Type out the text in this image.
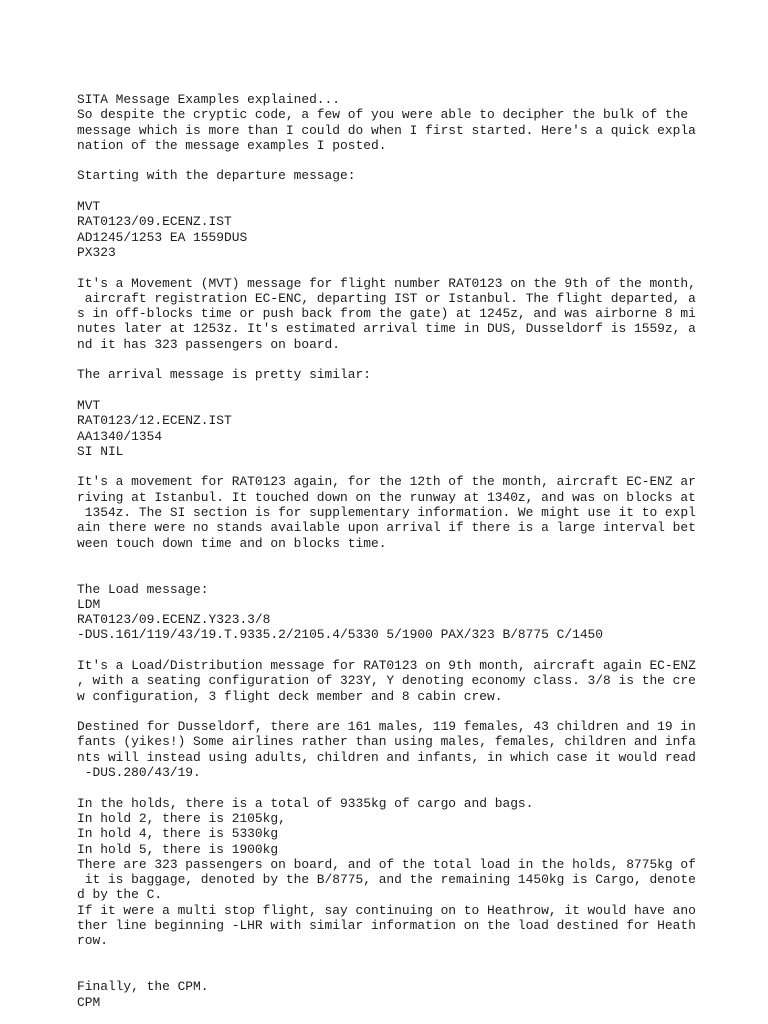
SITA Message Examples explained...
So despite the cryptic code, a few of you were able to decipher the bulk of the
message which is more than I could do when I first started. Here's a quick expla
nation of the message examples I posted.
Starting with the departure message:
MVT
RAT0123/09.ECENZ.IST
AD1245/1253 EA 1559DUS
PX323
It's a Movement (MVT) message for flight number RAT0123 on the 9th of the month,
aircraft registration EC-ENC, departing IST or Istanbul. The flight departed, a
s in off-blocks time or push back from the gate) at 1245z, and was airborne 8 mi
nutes later at 1253z. It's estimated arrival time in DUS, Dusseldorf is 1559z, a
nd it has 323 passengers on board.
The arrival message is pretty similar:
MVT
RAT0123/12.ECENZ.IST
AA1340/1354
SI NIL
It's a movement for RAT0123 again, for the 12th of the month, aircraft EC-ENZ ar
riving at Istanbul. It touched down on the runway at 1340z, and was on blocks at
1354z. The SI section is for supplementary information. We might use it to expl
ain there were no stands available upon arrival if there is a large interval bet
ween touch down time and on blocks time.
The Load message:
LDM
RAT0123/09.ECENZ.Y323.3/8
-DUS.161/119/43/19.T.9335.2/2105.4/5330 5/1900 PAX/323 B/8775 C/1450
It's a Load/Distribution message for RAT0123 on 9th month, aircraft again EC-ENZ
, with a seating configuration of 323Y, Y denoting economy class. 3/8 is the cre
w configuration, 3 flight deck member and 8 cabin crew.
Destined for Dusseldorf, there are 161 males, 119 females, 43 children and 19 in
fants (yikes!) Some airlines rather than using males, females, children and infa
nts will instead using adults, children and infants, in which case it would read
-DUS.280/43/19.
In the holds, there is a total of 9335kg of cargo and bags.
In hold 2, there is 2105kg,
In hold 4, there is 5330kg
In hold 5, there is 1900kg
There are 323 passengers on board, and of the total load in the holds, 8775kg of
it is baggage, denoted by the B/8775, and the remaining 1450kg is Cargo, denote
d by the C.
If it were a multi stop flight, say continuing on to Heathrow, it would have ano
ther line beginning -LHR with similar information on the load destined for Heath
row.
Finally, the CPM.
CPM
